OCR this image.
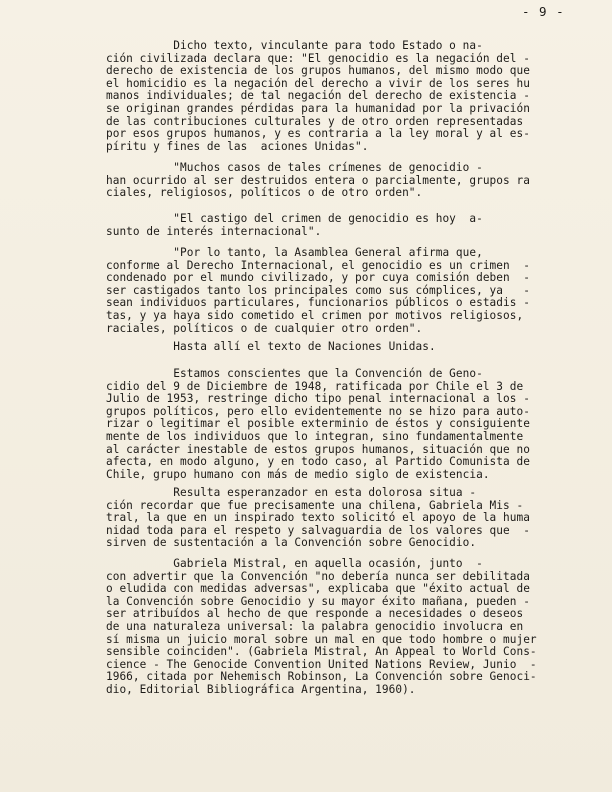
- 9 -
Dicho texto, vinculante para todo Estado o na-
ción civilizada declara que: "El genocidio es la negación del -
derecho de existencia de los grupos humanos, del mismo modo que
el homicidio es la negación del derecho a vivir de los seres hu
manos individuales; de tal negación del derecho de existencia -
se originan grandes pérdidas para la humanidad por la privación
de las contribuciones culturales y de otro orden representadas
por esos grupos humanos, y es contraria a la ley moral y al es-
píritu y fines de las  aciones Unidas".
"Muchos casos de tales crímenes de genocidio -
han ocurrido al ser destruidos entera o parcialmente, grupos ra
ciales, religiosos, políticos o de otro orden".
"El castigo del crimen de genocidio es hoy  a-
sunto de interés internacional".
"Por lo tanto, la Asamblea General afirma que,
conforme al Derecho Internacional, el genocidio es un crimen  -
condenado por el mundo civilizado, y por cuya comisión deben  -
ser castigados tanto los principales como sus cómplices, ya   -
sean individuos particulares, funcionarios públicos o estadis -
tas, y ya haya sido cometido el crimen por motivos religiosos,
raciales, políticos o de cualquier otro orden".
Hasta allí el texto de Naciones Unidas.
Estamos conscientes que la Convención de Geno-
cidio del 9 de Diciembre de 1948, ratificada por Chile el 3 de
Julio de 1953, restringe dicho tipo penal internacional a los -
grupos políticos, pero ello evidentemente no se hizo para auto-
rizar o legitimar el posible exterminio de éstos y consiguiente
mente de los individuos que lo integran, sino fundamentalmente
al carácter inestable de estos grupos humanos, situación que no
afecta, en modo alguno, y en todo caso, al Partido Comunista de
Chile, grupo humano con más de medio siglo de existencia.
Resulta esperanzador en esta dolorosa situa -
ción recordar que fue precisamente una chilena, Gabriela Mis -
tral, la que en un inspirado texto solicitó el apoyo de la huma
nidad toda para el respeto y salvaguardia de los valores que  -
sirven de sustentación a la Convención sobre Genocidio.
Gabriela Mistral, en aquella ocasión, junto  -
con advertir que la Convención "no debería nunca ser debilitada
o eludida con medidas adversas", explicaba que "éxito actual de
la Convención sobre Genocidio y su mayor éxito mañana, pueden -
ser atribuídos al hecho de que responde a necesidades o deseos
de una naturaleza universal: la palabra genocidio involucra en
sí misma un juicio moral sobre un mal en que todo hombre o mujer
sensible coinciden". (Gabriela Mistral, An Appeal to World Cons-
cience - The Genocide Convention United Nations Review, Junio  -
1966, citada por Nehemisch Robinson, La Convención sobre Genoci-
dio, Editorial Bibliográfica Argentina, 1960).
